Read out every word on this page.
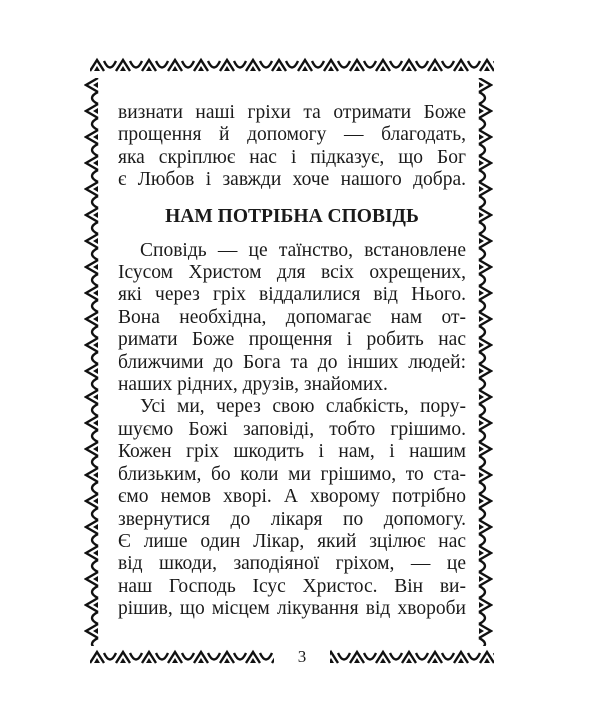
3
визнати наші гріхи та отримати Боже
прощення й допомогу — благодать,
яка скріплює нас і підказує, що Бог
є Любов і завжди хоче нашого добра.
НАМ ПОТРІБНА СПОВІДЬ
Сповідь — це таїнство, встановлене
Ісусом Христом для всіх охрещених,
які через гріх віддалилися від Нього.
Вона необхідна, допомагає нам от-
римати Боже прощення і робить нас
ближчими до Бога та до інших людей:
наших рідних, друзів, знайомих.
Усі ми, через свою слабкість, пору-
шуємо Божі заповіді, тобто грішимо.
Кожен гріх шкодить і нам, і нашим
близьким, бо коли ми грішимо, то ста-
ємо немов хворі. А хворому потрібно
звернутися до лікаря по допомогу.
Є лише один Лікар, який зцілює нас
від шкоди, заподіяної гріхом, — це
наш Господь Ісус Христос. Він ви-
рішив, що місцем лікування від хвороби
